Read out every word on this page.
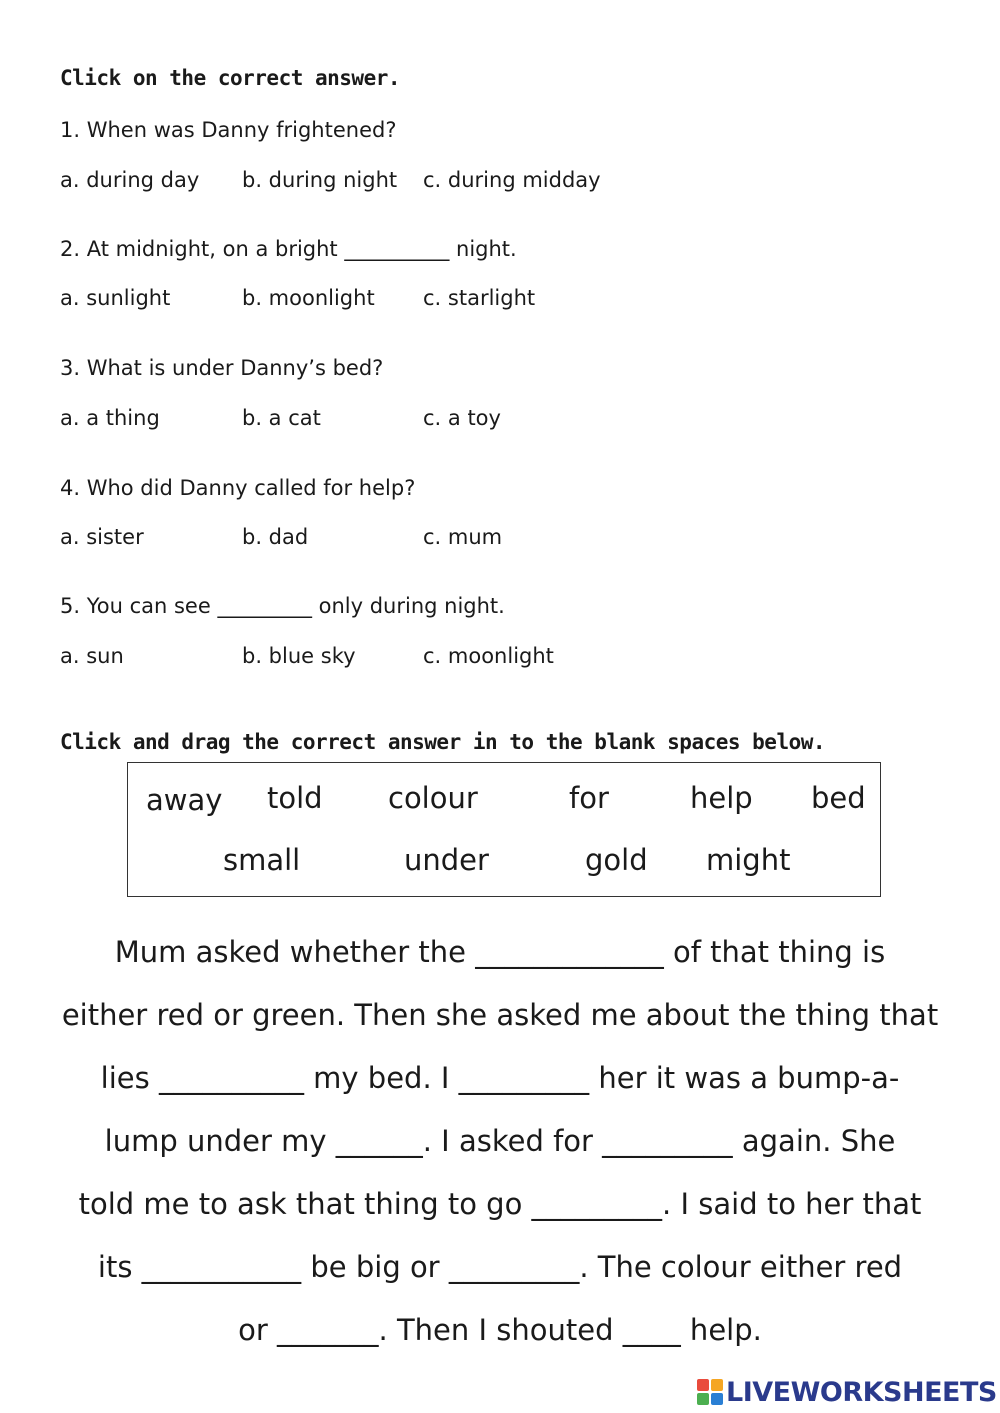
Click on the correct answer.
1. When was Danny frightened?
a. during day b. during night c. during midday
2. At midnight, on a bright __________ night.
a. sunlight	b. moonlight c. starlight
3. What is under Danny’s bed?
a. a thing	b. a cat	c. a toy
4. Who did Danny called for help?
a. sister	b. dad	c. mum
5. You can see _________ only during night.
a. sun	b. blue sky	c. moonlight
Click and drag the correct answer in to the blank spaces below.
away told colour	for	help bed
small	under	gold might
Mum asked whether the _____________ of that thing is
either red or green. Then she asked me about the thing that
lies __________ my bed. I _________ her it was a bump-a-
lump under my ______. I asked for _________ again. She
told me to ask that thing to go _________. I said to her that
its ___________ be big or _________. The colour either red
or _______. Then I shouted ____ help.
LIVEWORKSHEETS
